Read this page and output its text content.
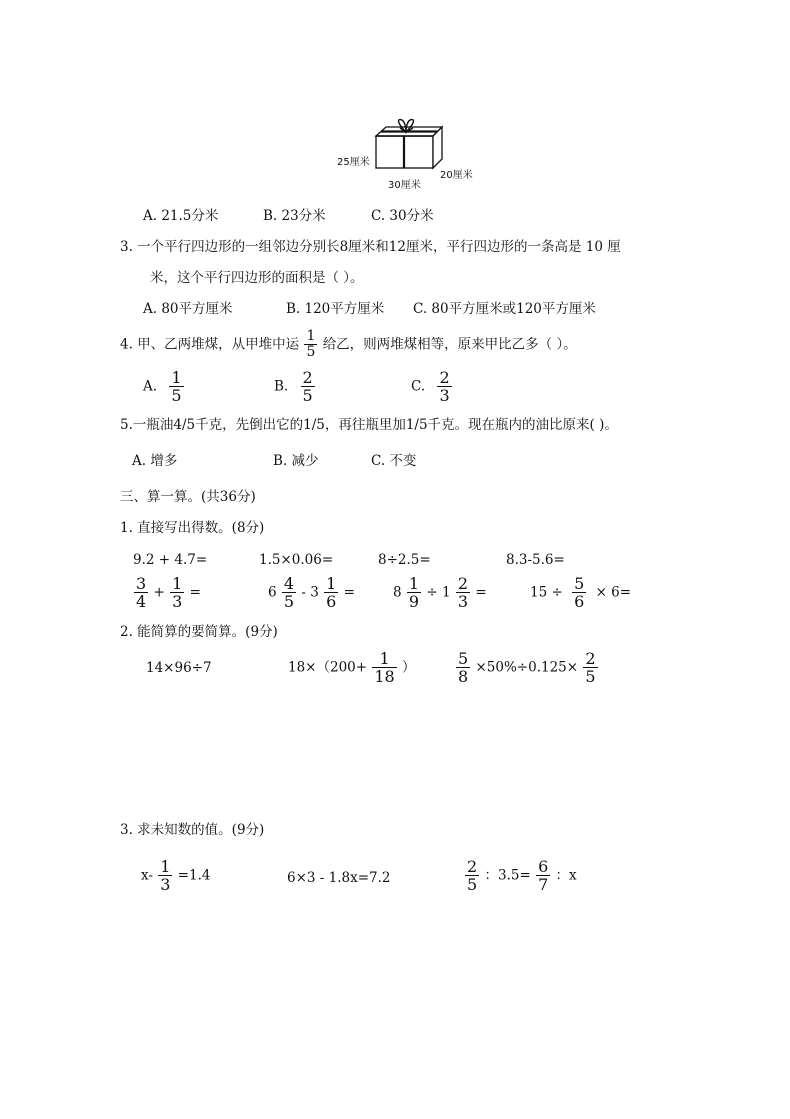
25厘米
30厘米
20厘米
A. 21.5分米	B. 23分米	C. 30分米
3. 一个平行四边形的一组邻边分别长8厘米和12厘米，平行四边形的一条高是 10 厘
米，这个平行四边形的面积是（ ）。
A. 80平方厘米	B. 120平方厘米 C. 80平方厘米或120平方厘米
4. 甲、乙两堆煤，从甲堆中运 $\frac{1}{5}$ 给乙，则两堆煤相等，原来甲比乙多（ ）。
A. $\frac{1}{5}$	B. $\frac{2}{5}$	C. $\frac{2}{3}$
5.一瓶油4/5千克，先倒出它的1/5，再往瓶里加1/5千克。现在瓶内的油比原来( )。
A. 增多	B. 减少	C. 不变
三、算一算。(共36分)
1. 直接写出得数。(8分)
9.2 + 4.7=	1.5×0.06=	8÷2.5=	8.3-5.6=
$\frac{3}{4} + \frac{1}{3}$ =	$6 \frac{4}{5} - 3 \frac{1}{6}$ =	$8 \frac{1}{9} \div 1 \frac{2}{3}$ =	$15 \div \frac{5}{6} \times 6=$
2. 能简算的要简算。(9分)
14×96÷7	$18\times(200+ \frac{1}{18}$ ）	$\frac{5}{8} \times 50\%\div 0.125\times \frac{2}{5}$
3. 求未知数的值。(9分)
$x- \frac{1}{3} =1.4$	6×3 - 1.8x=7.2	$\frac{2}{5}$ ：$3.5= \frac{6}{7}$ ：x
